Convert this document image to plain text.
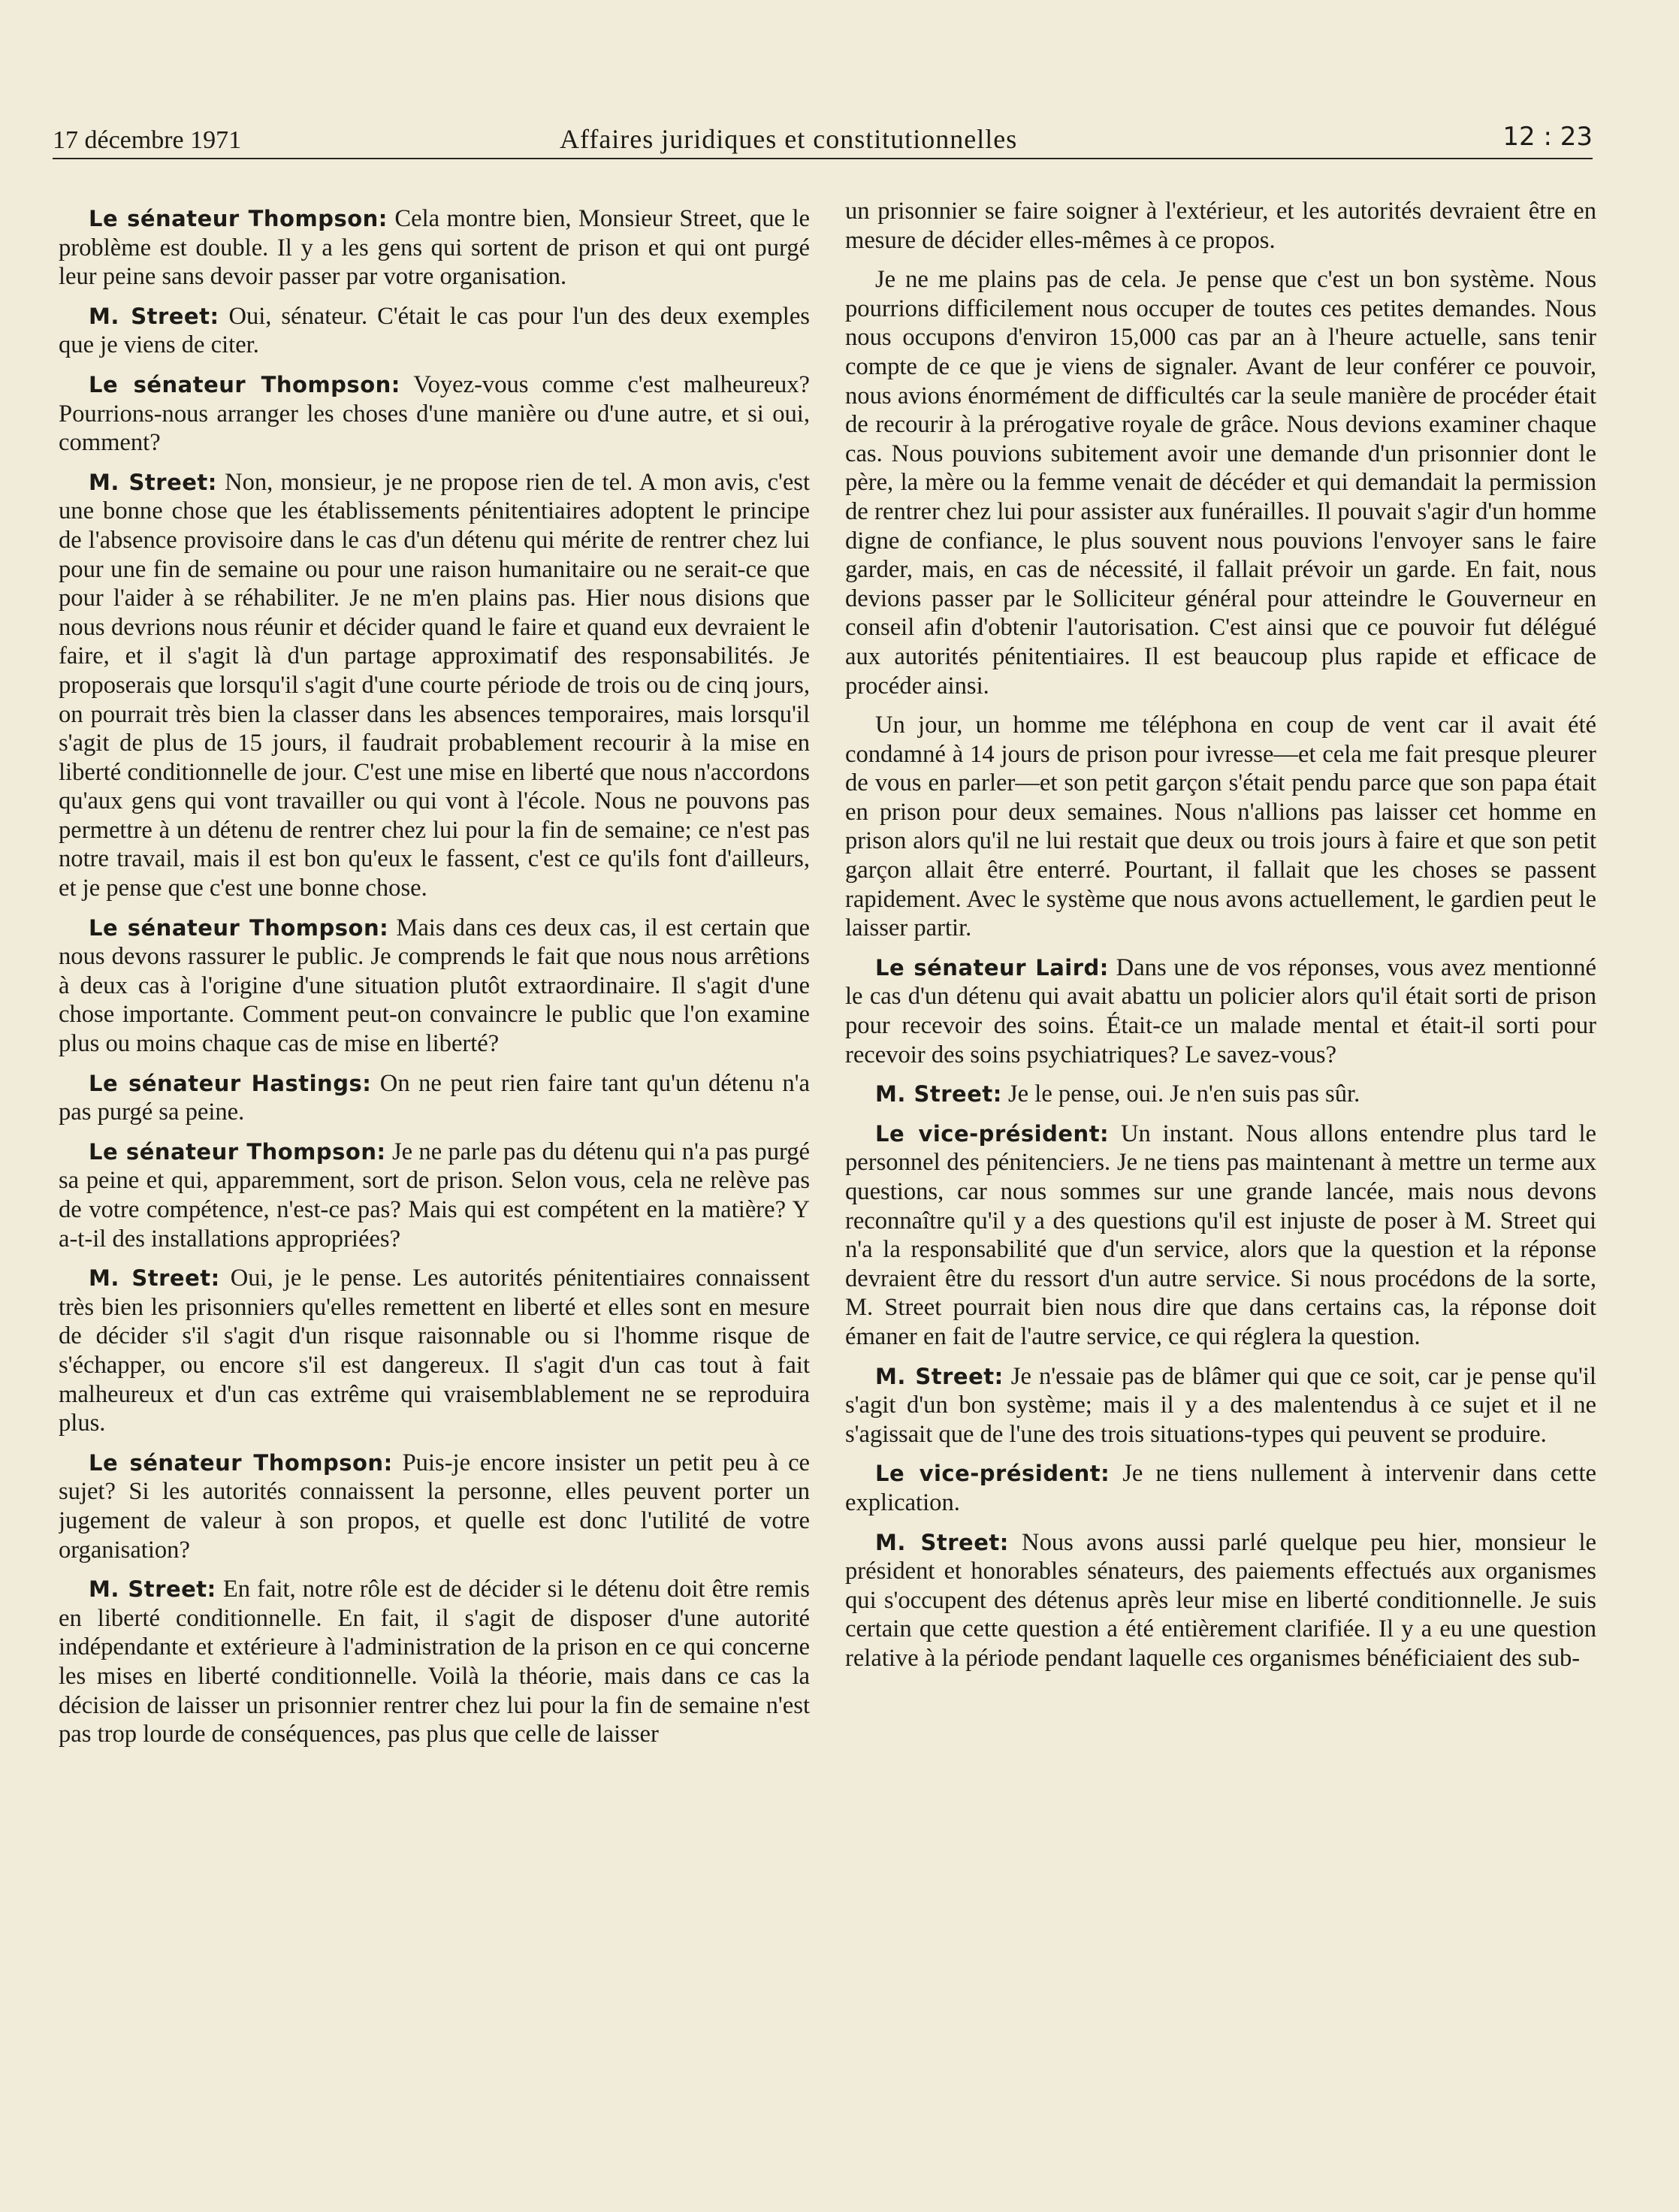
17 décembre 1971	Affaires juridiques et constitutionnelles	12 : 23

Le sénateur Thompson: Cela montre bien, Monsieur Street, que le problème est double. Il y a les gens qui sortent de prison et qui ont purgé leur peine sans devoir passer par votre organisation.

M. Street: Oui, sénateur. C'était le cas pour l'un des deux exemples que je viens de citer.

Le sénateur Thompson: Voyez-vous comme c'est malheureux? Pourrions-nous arranger les choses d'une manière ou d'une autre, et si oui, comment?

M. Street: Non, monsieur, je ne propose rien de tel. A mon avis, c'est une bonne chose que les établissements pénitentiaires adoptent le principe de l'absence provisoire dans le cas d'un détenu qui mérite de rentrer chez lui pour une fin de semaine ou pour une raison humanitaire ou ne serait-ce que pour l'aider à se réhabiliter. Je ne m'en plains pas. Hier nous disions que nous devrions nous réunir et décider quand le faire et quand eux devraient le faire, et il s'agit là d'un partage approximatif des responsabilités. Je proposerais que lorsqu'il s'agit d'une courte période de trois ou de cinq jours, on pourrait très bien la classer dans les absences temporaires, mais lorsqu'il s'agit de plus de 15 jours, il faudrait probablement recourir à la mise en liberté conditionnelle de jour. C'est une mise en liberté que nous n'accordons qu'aux gens qui vont travailler ou qui vont à l'école. Nous ne pouvons pas permettre à un détenu de rentrer chez lui pour la fin de semaine; ce n'est pas notre travail, mais il est bon qu'eux le fassent, c'est ce qu'ils font d'ailleurs, et je pense que c'est une bonne chose.

Le sénateur Thompson: Mais dans ces deux cas, il est certain que nous devons rassurer le public. Je comprends le fait que nous nous arrêtions à deux cas à l'origine d'une situation plutôt extraordinaire. Il s'agit d'une chose importante. Comment peut-on convaincre le public que l'on examine plus ou moins chaque cas de mise en liberté?

Le sénateur Hastings: On ne peut rien faire tant qu'un détenu n'a pas purgé sa peine.

Le sénateur Thompson: Je ne parle pas du détenu qui n'a pas purgé sa peine et qui, apparemment, sort de prison. Selon vous, cela ne relève pas de votre compétence, n'est-ce pas? Mais qui est compétent en la matière? Y a-t-il des installations appropriées?

M. Street: Oui, je le pense. Les autorités pénitentiaires connaissent très bien les prisonniers qu'elles remettent en liberté et elles sont en mesure de décider s'il s'agit d'un risque raisonnable ou si l'homme risque de s'échapper, ou encore s'il est dangereux. Il s'agit d'un cas tout à fait malheureux et d'un cas extrême qui vraisemblablement ne se reproduira plus.

Le sénateur Thompson: Puis-je encore insister un petit peu à ce sujet? Si les autorités connaissent la personne, elles peuvent porter un jugement de valeur à son propos, et quelle est donc l'utilité de votre organisation?

M. Street: En fait, notre rôle est de décider si le détenu doit être remis en liberté conditionnelle. En fait, il s'agit de disposer d'une autorité indépendante et extérieure à l'administration de la prison en ce qui concerne les mises en liberté conditionnelle. Voilà la théorie, mais dans ce cas la décision de laisser un prisonnier rentrer chez lui pour la fin de semaine n'est pas trop lourde de conséquences, pas plus que celle de laisser

un prisonnier se faire soigner à l'extérieur, et les autorités devraient être en mesure de décider elles-mêmes à ce propos.

Je ne me plains pas de cela. Je pense que c'est un bon système. Nous pourrions difficilement nous occuper de toutes ces petites demandes. Nous nous occupons d'environ 15,000 cas par an à l'heure actuelle, sans tenir compte de ce que je viens de signaler. Avant de leur conférer ce pouvoir, nous avions énormément de difficultés car la seule manière de procéder était de recourir à la prérogative royale de grâce. Nous devions examiner chaque cas. Nous pouvions subitement avoir une demande d'un prisonnier dont le père, la mère ou la femme venait de décéder et qui demandait la permission de rentrer chez lui pour assister aux funérailles. Il pouvait s'agir d'un homme digne de confiance, le plus souvent nous pouvions l'envoyer sans le faire garder, mais, en cas de nécessité, il fallait prévoir un garde. En fait, nous devions passer par le Solliciteur général pour atteindre le Gouverneur en conseil afin d'obtenir l'autorisation. C'est ainsi que ce pouvoir fut délégué aux autorités pénitentiaires. Il est beaucoup plus rapide et efficace de procéder ainsi.

Un jour, un homme me téléphona en coup de vent car il avait été condamné à 14 jours de prison pour ivresse—et cela me fait presque pleurer de vous en parler—et son petit garçon s'était pendu parce que son papa était en prison pour deux semaines. Nous n'allions pas laisser cet homme en prison alors qu'il ne lui restait que deux ou trois jours à faire et que son petit garçon allait être enterré. Pourtant, il fallait que les choses se passent rapidement. Avec le système que nous avons actuellement, le gardien peut le laisser partir.

Le sénateur Laird: Dans une de vos réponses, vous avez mentionné le cas d'un détenu qui avait abattu un policier alors qu'il était sorti de prison pour recevoir des soins. Était-ce un malade mental et était-il sorti pour recevoir des soins psychiatriques? Le savez-vous?

M. Street: Je le pense, oui. Je n'en suis pas sûr.

Le vice-président: Un instant. Nous allons entendre plus tard le personnel des pénitenciers. Je ne tiens pas maintenant à mettre un terme aux questions, car nous sommes sur une grande lancée, mais nous devons reconnaître qu'il y a des questions qu'il est injuste de poser à M. Street qui n'a la responsabilité que d'un service, alors que la question et la réponse devraient être du ressort d'un autre service. Si nous procédons de la sorte, M. Street pourrait bien nous dire que dans certains cas, la réponse doit émaner en fait de l'autre service, ce qui réglera la question.

M. Street: Je n'essaie pas de blâmer qui que ce soit, car je pense qu'il s'agit d'un bon système; mais il y a des malentendus à ce sujet et il ne s'agissait que de l'une des trois situations-types qui peuvent se produire.

Le vice-président: Je ne tiens nullement à intervenir dans cette explication.

M. Street: Nous avons aussi parlé quelque peu hier, monsieur le président et honorables sénateurs, des paiements effectués aux organismes qui s'occupent des détenus après leur mise en liberté conditionnelle. Je suis certain que cette question a été entièrement clarifiée. Il y a eu une question relative à la période pendant laquelle ces organismes bénéficiaient des sub-
